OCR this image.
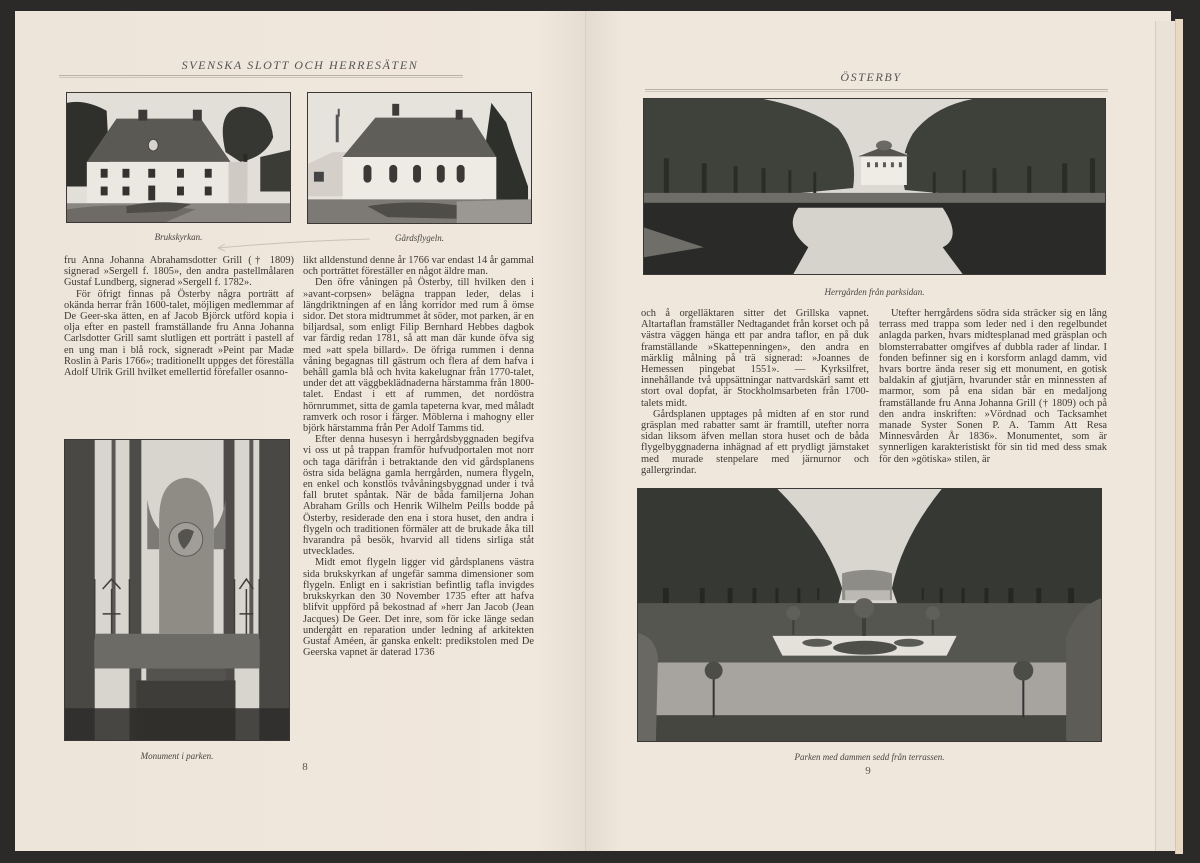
SVENSKA SLOTT OCH HERRESÄTEN
Brukskyrkan.	Gårdsflygeln.

fru Anna Johanna Abrahamsdotter Grill († 1809) signerad »Sergell f. 1805», den andra pastellmålaren Gustaf Lundberg, signerad »Sergell f. 1782».

För öfrigt finnas på Österby några porträtt af okända herrar från 1600-talet, möjligen medlemmar af De Geer-ska ätten, en af Jacob Björck utförd kopia i olja efter en pastell framställande fru Anna Johanna Carlsdotter Grill samt slutligen ett porträtt i pastell af en ung man i blå rock, signeradt »Peint par Madæ Roslin à Paris 1766»; traditionellt uppges det föreställa Adolf Ulrik Grill hvilket emellertid förefaller osanno-

Monument i parken.

likt alldenstund denne år 1766 var endast 14 år gammal och porträttet föreställer en något äldre man.

Den öfre våningen på Österby, till hvilken den i »avant-corpsen» belägna trappan leder, delas i längdriktningen af en lång korridor med rum å ömse sidor. Det stora midtrummet åt söder, mot parken, är en biljardsal, som enligt Filip Bernhard Hebbes dagbok var färdig redan 1781, så att man där kunde öfva sig med »att spela billard». De öfriga rummen i denna våning begagnas till gästrum och flera af dem hafva i behåll gamla blå och hvita kakelugnar från 1770-talet, under det att väggbeklädnaderna härstamma från 1800-talet. Endast i ett af rummen, det nordöstra hörnrummet, sitta de gamla tapeterna kvar, med måladt ramverk och rosor i färger. Möblerna i mahogny eller björk härstamma från Per Adolf Tamms tid.

Efter denna husesyn i herrgårdsbyggnaden begifva vi oss ut på trappan framför hufvudportalen mot norr och taga därifrån i betraktande den vid gårdsplanens östra sida belägna gamla herrgården, numera flygeln, en enkel och konstlös tvåvåningsbyggnad under i två fall brutet spåntak. När de båda familjerna Johan Abraham Grills och Henrik Wilhelm Peills bodde på Österby, residerade den ena i stora huset, den andra i flygeln och traditionen förmäler att de brukade åka till hvarandra på besök, hvarvid all tidens sirliga ståt utvecklades.

Midt emot flygeln ligger vid gårdsplanens västra sida brukskyrkan af ungefär samma dimensioner som flygeln. Enligt en i sakristian befintlig tafla invigdes brukskyrkan den 30 November 1735 efter att hafva blifvit uppförd på bekostnad af »herr Jan Jacob (Jean Jacques) De Geer. Det inre, som för icke länge sedan undergått en reparation under ledning af arkitekten Gustaf Améen, är ganska enkelt: predikstolen med De Geerska vapnet är daterad 1736

8
ÖSTERBY
Herrgården från parksidan.

och å orgelläktaren sitter det Grillska vapnet. Altartaflan framställer Nedtagandet från korset och på västra väggen hänga ett par andra taflor, en på duk framställande »Skattepenningen», den andra en märklig målning på trä signerad: »Joannes de Hemessen pingebat 1551». — Kyrksilfret, innehållande två uppsättningar nattvardskärl samt ett stort oval dopfat, är Stockholmsarbeten från 1700-talets midt.

Gårdsplanen upptages på midten af en stor rund gräsplan med rabatter samt är framtill, utefter norra sidan liksom äfven mellan stora huset och de båda flygelbyggnaderna inhägnad af ett prydligt järnstaket med murade stenpelare med järnurnor och gallergrindar.

Utefter herrgårdens södra sida sträcker sig en lång terrass med trappa som leder ned i den regelbundet anlagda parken, hvars midtesplanad med gräsplan och blomsterrabatter omgifves af dubbla rader af lindar. I fonden befinner sig en i korsform anlagd damm, vid hvars bortre ända reser sig ett monument, en gotisk baldakin af gjutjärn, hvarunder står en minnessten af marmor, som på ena sidan bär en medaljong framställande fru Anna Johanna Grill († 1809) och på den andra inskriften: »Vördnad och Tacksamhet manade Syster Sonen P. A. Tamm Att Resa Minnesvården År 1836». Monumentet, som är synnerligen karakteristiskt för sin tid med dess smak för den »götiska» stilen, är

Parken med dammen sedd från terrassen.
9
